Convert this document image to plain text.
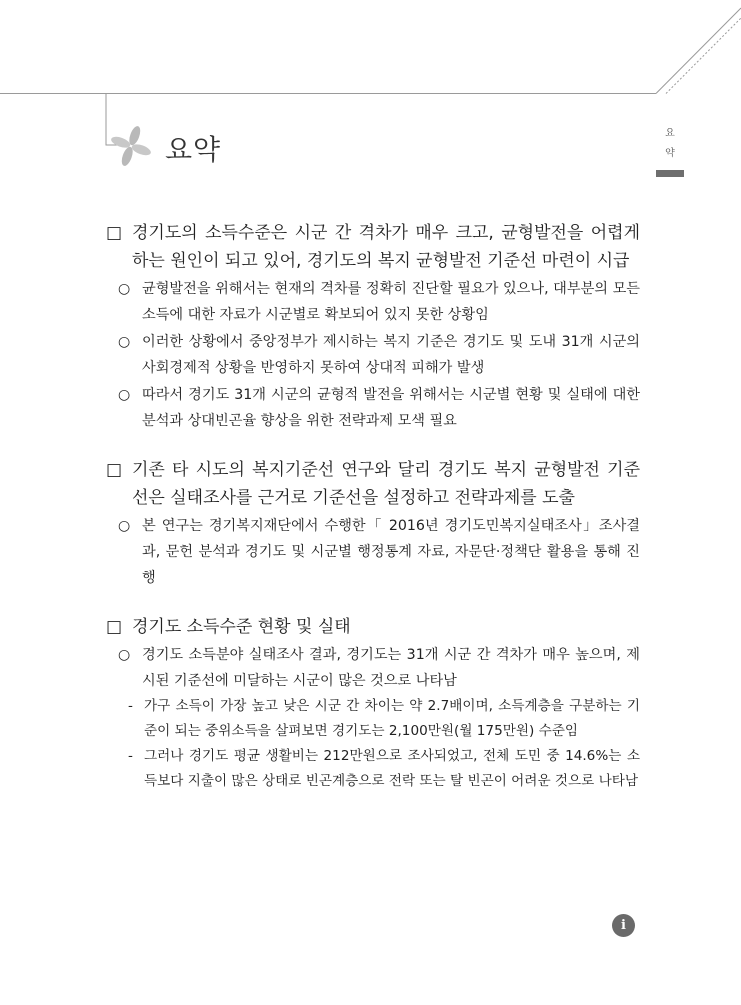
요약	요
약
□ 경기도의 소득수준은 시군 간 격차가 매우 크고, 균형발전을 어렵게 하는 원인이 되고 있어, 경기도의 복지 균형발전 기준선 마련이 시급
○ 균형발전을 위해서는 현재의 격차를 정확히 진단할 필요가 있으나, 대부분의 모든 소득에 대한 자료가 시군별로 확보되어 있지 못한 상황임
○ 이러한 상황에서 중앙정부가 제시하는 복지 기준은 경기도 및 도내 31개 시군의 사회경제적 상황을 반영하지 못하여 상대적 피해가 발생
○ 따라서 경기도 31개 시군의 균형적 발전을 위해서는 시군별 현황 및 실태에 대한 분석과 상대빈곤율 향상을 위한 전략과제 모색 필요
□ 기존 타 시도의 복지기준선 연구와 달리 경기도 복지 균형발전 기준선은 실태조사를 근거로 기준선을 설정하고 전략과제를 도출
○ 본 연구는 경기복지재단에서 수행한「 2016년 경기도민복지실태조사」조사결과, 문헌 분석과 경기도 및 시군별 행정통계 자료, 자문단·정책단 활용을 통해 진행
□ 경기도 소득수준 현황 및 실태
○ 경기도 소득분야 실태조사 결과, 경기도는 31개 시군 간 격차가 매우 높으며, 제시된 기준선에 미달하는 시군이 많은 것으로 나타남
- 가구 소득이 가장 높고 낮은 시군 간 차이는 약 2.7배이며, 소득계층을 구분하는 기준이 되는 중위소득을 살펴보면 경기도는 2,100만원(월 175만원) 수준임
- 그러나 경기도 평균 생활비는 212만원으로 조사되었고, 전체 도민 중 14.6%는 소득보다 지출이 많은 상태로 빈곤계층으로 전락 또는 탈 빈곤이 어려운 것으로 나타남
i
